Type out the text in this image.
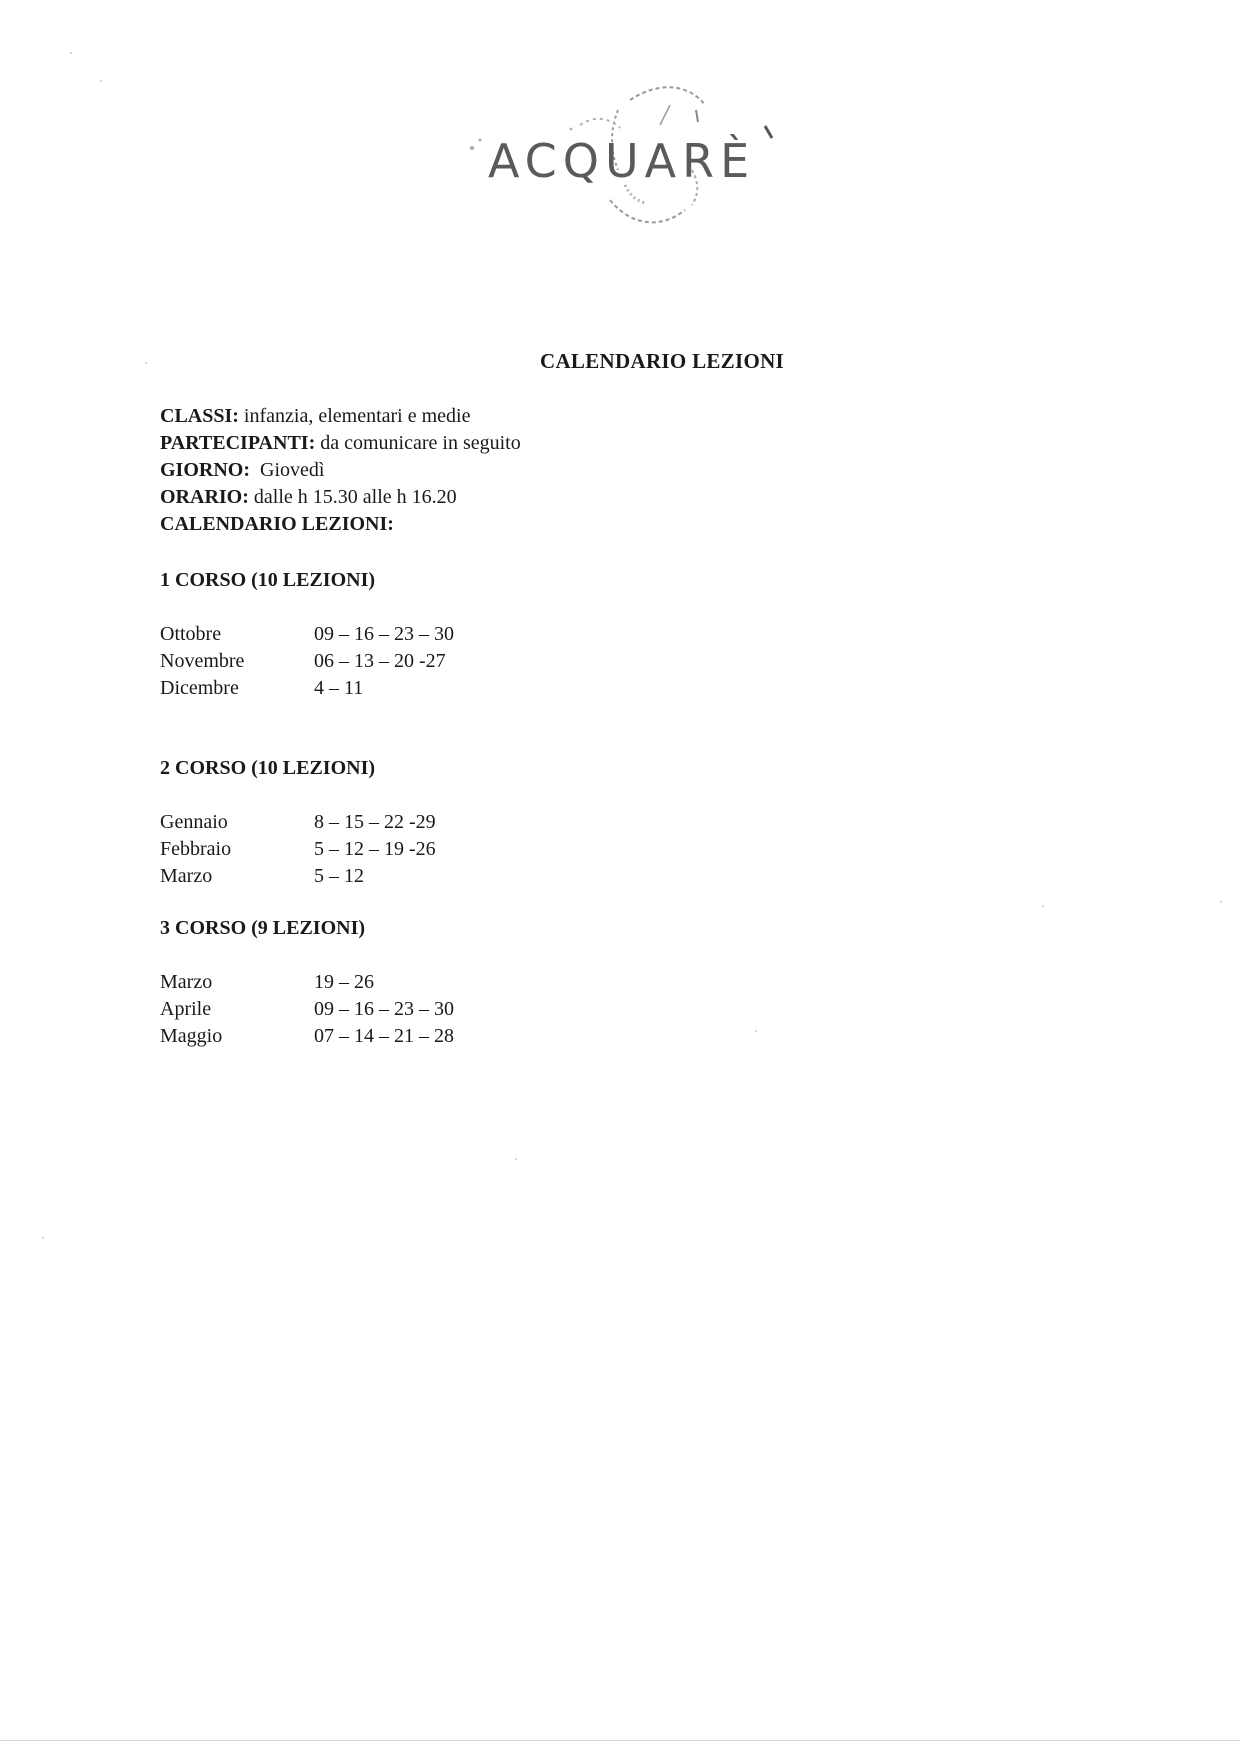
ACQUARÈ
CALENDARIO LEZIONI
CLASSI: infanzia, elementari e medie
PARTECIPANTI: da comunicare in seguito
GIORNO:  Giovedì
ORARIO: dalle h 15.30 alle h 16.20
CALENDARIO LEZIONI:
1 CORSO (10 LEZIONI)
Ottobre	09 – 16 – 23 – 30
Novembre	06 – 13 – 20 -27
Dicembre	4 – 11
2 CORSO (10 LEZIONI)
Gennaio	8 – 15 – 22 -29
Febbraio	5 – 12 – 19 -26
Marzo	5 – 12
3 CORSO (9 LEZIONI)
Marzo	19 – 26
Aprile	09 – 16 – 23 – 30
Maggio	07 – 14 – 21 – 28
